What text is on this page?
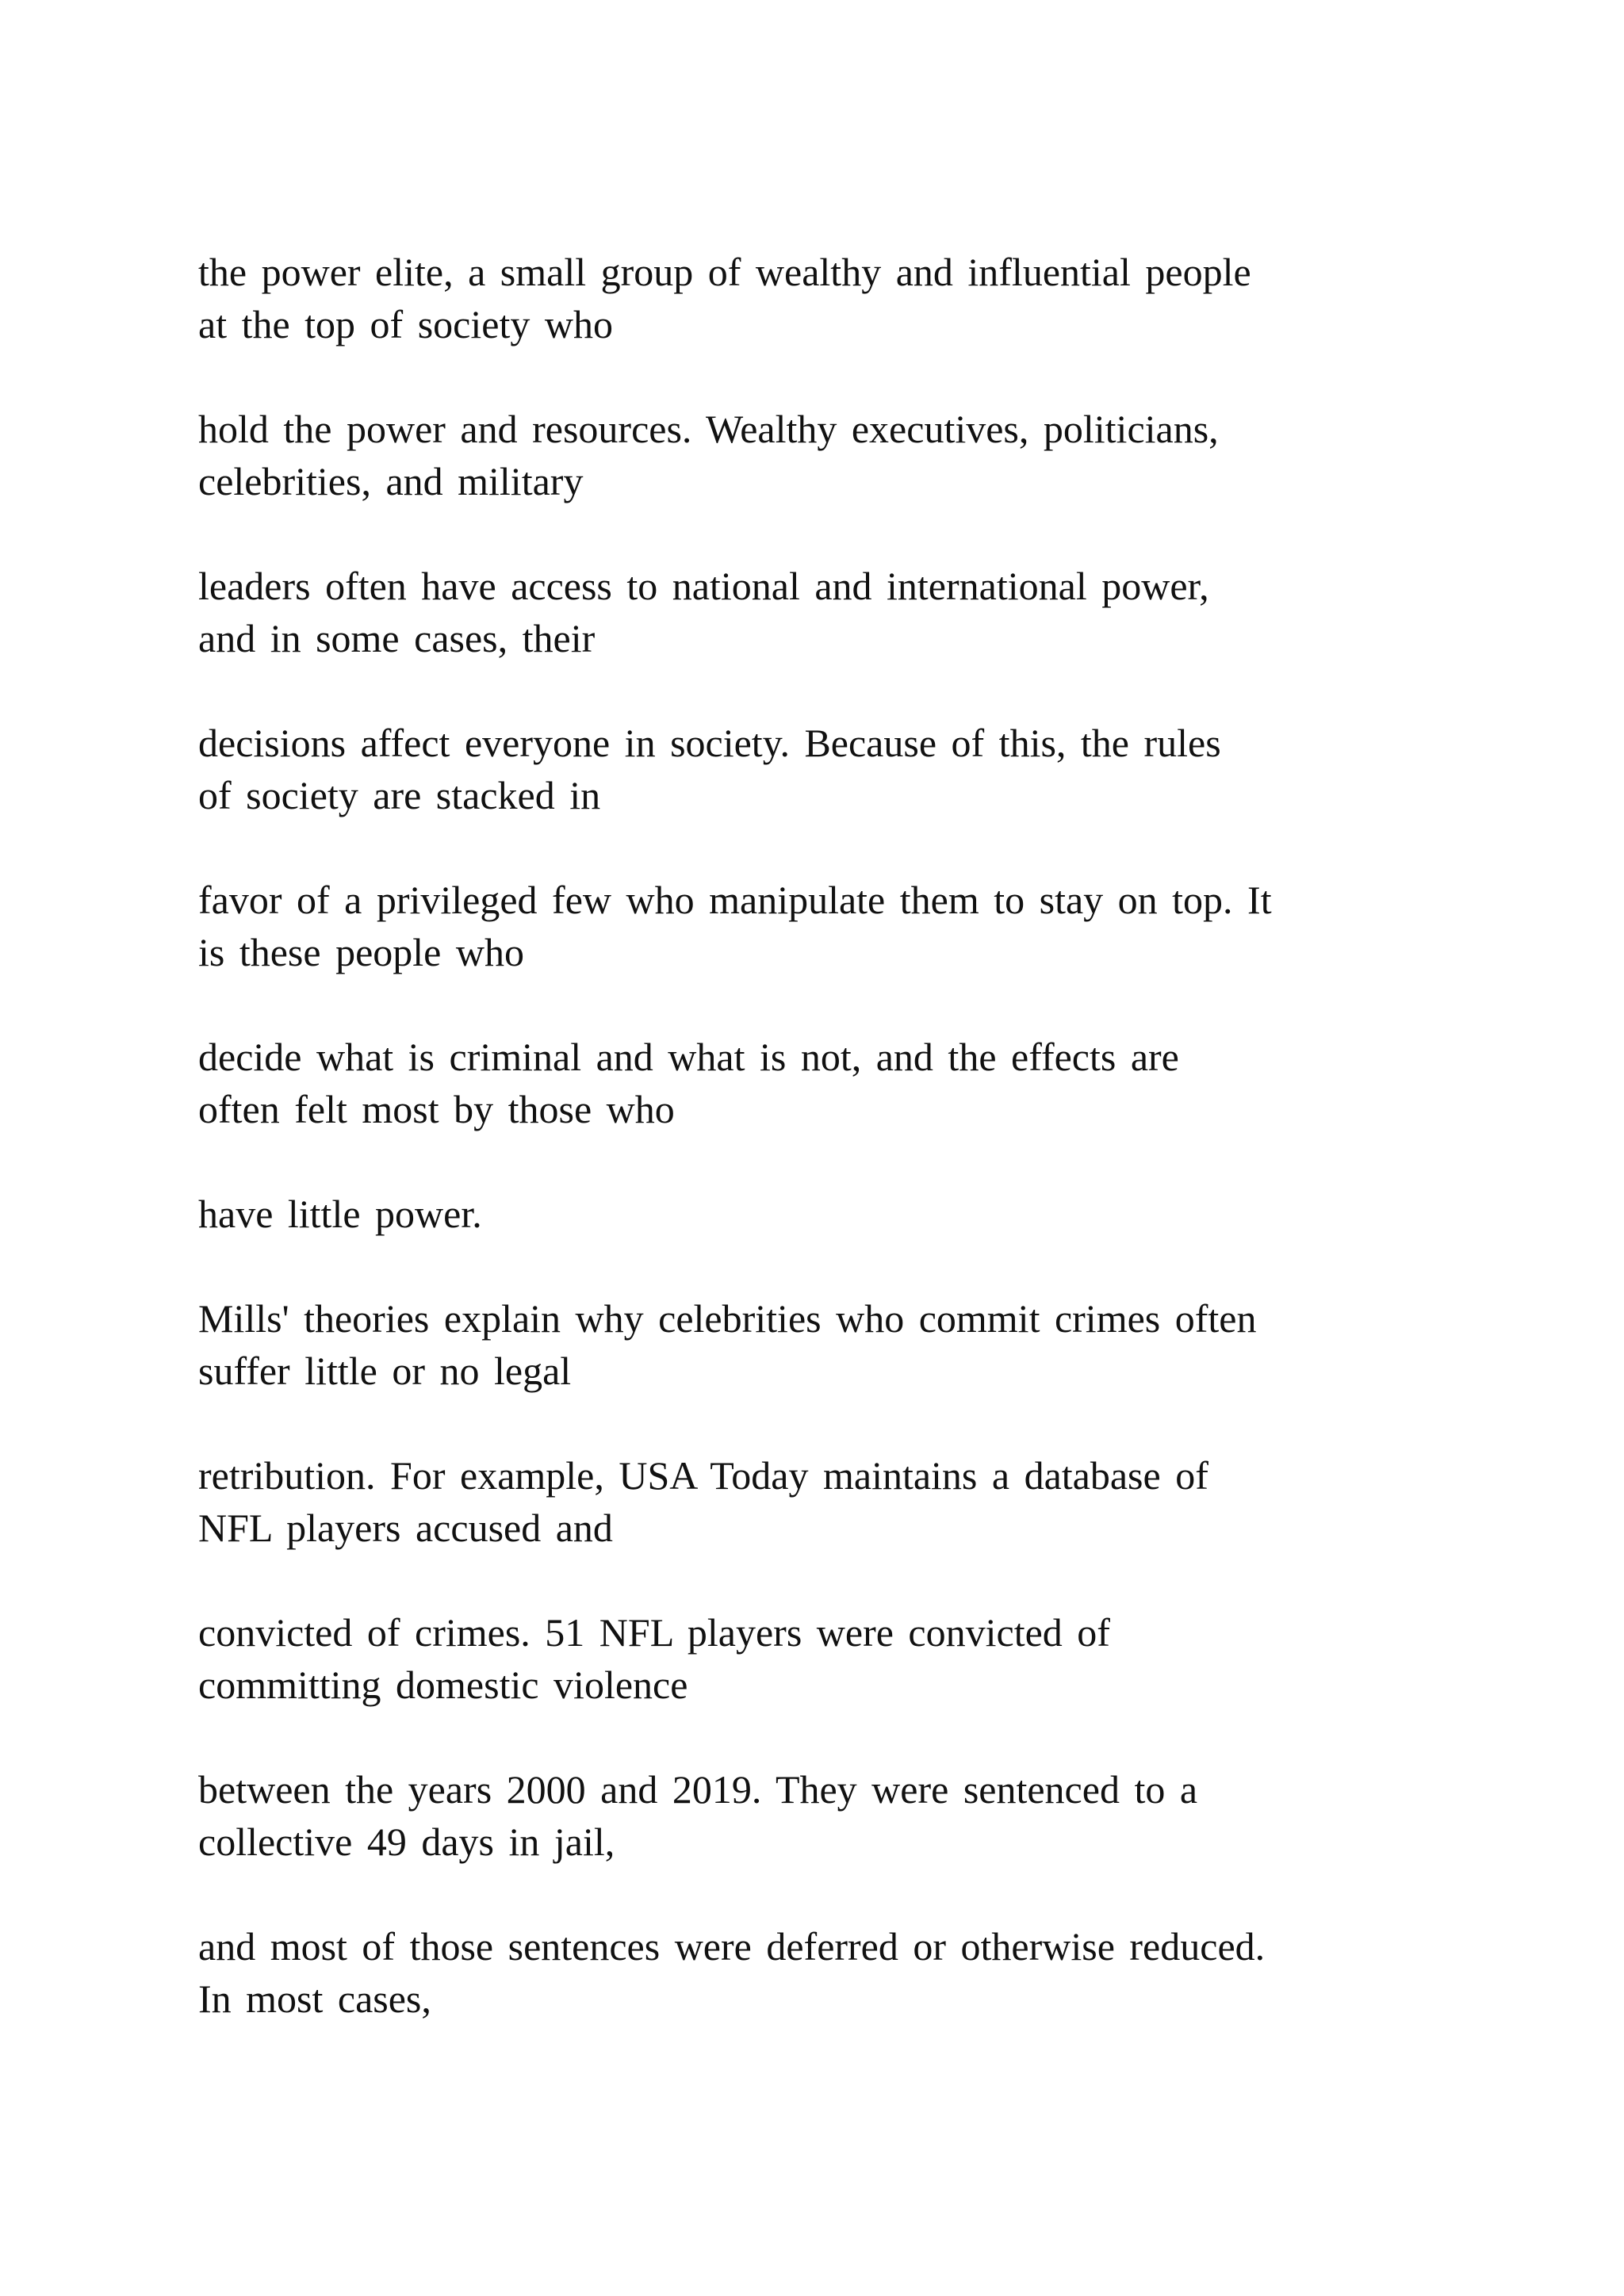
the power elite, a small group of wealthy and influential people
at the top of society who

hold the power and resources. Wealthy executives, politicians,
celebrities, and military

leaders often have access to national and international power,
and in some cases, their

decisions affect everyone in society. Because of this, the rules
of society are stacked in

favor of a privileged few who manipulate them to stay on top. It
is these people who

decide what is criminal and what is not, and the effects are
often felt most by those who

have little power.

Mills' theories explain why celebrities who commit crimes often
suffer little or no legal

retribution. For example, USA Today maintains a database of
NFL players accused and

convicted of crimes. 51 NFL players were convicted of
committing domestic violence

between the years 2000 and 2019. They were sentenced to a
collective 49 days in jail,

and most of those sentences were deferred or otherwise reduced.
In most cases,
